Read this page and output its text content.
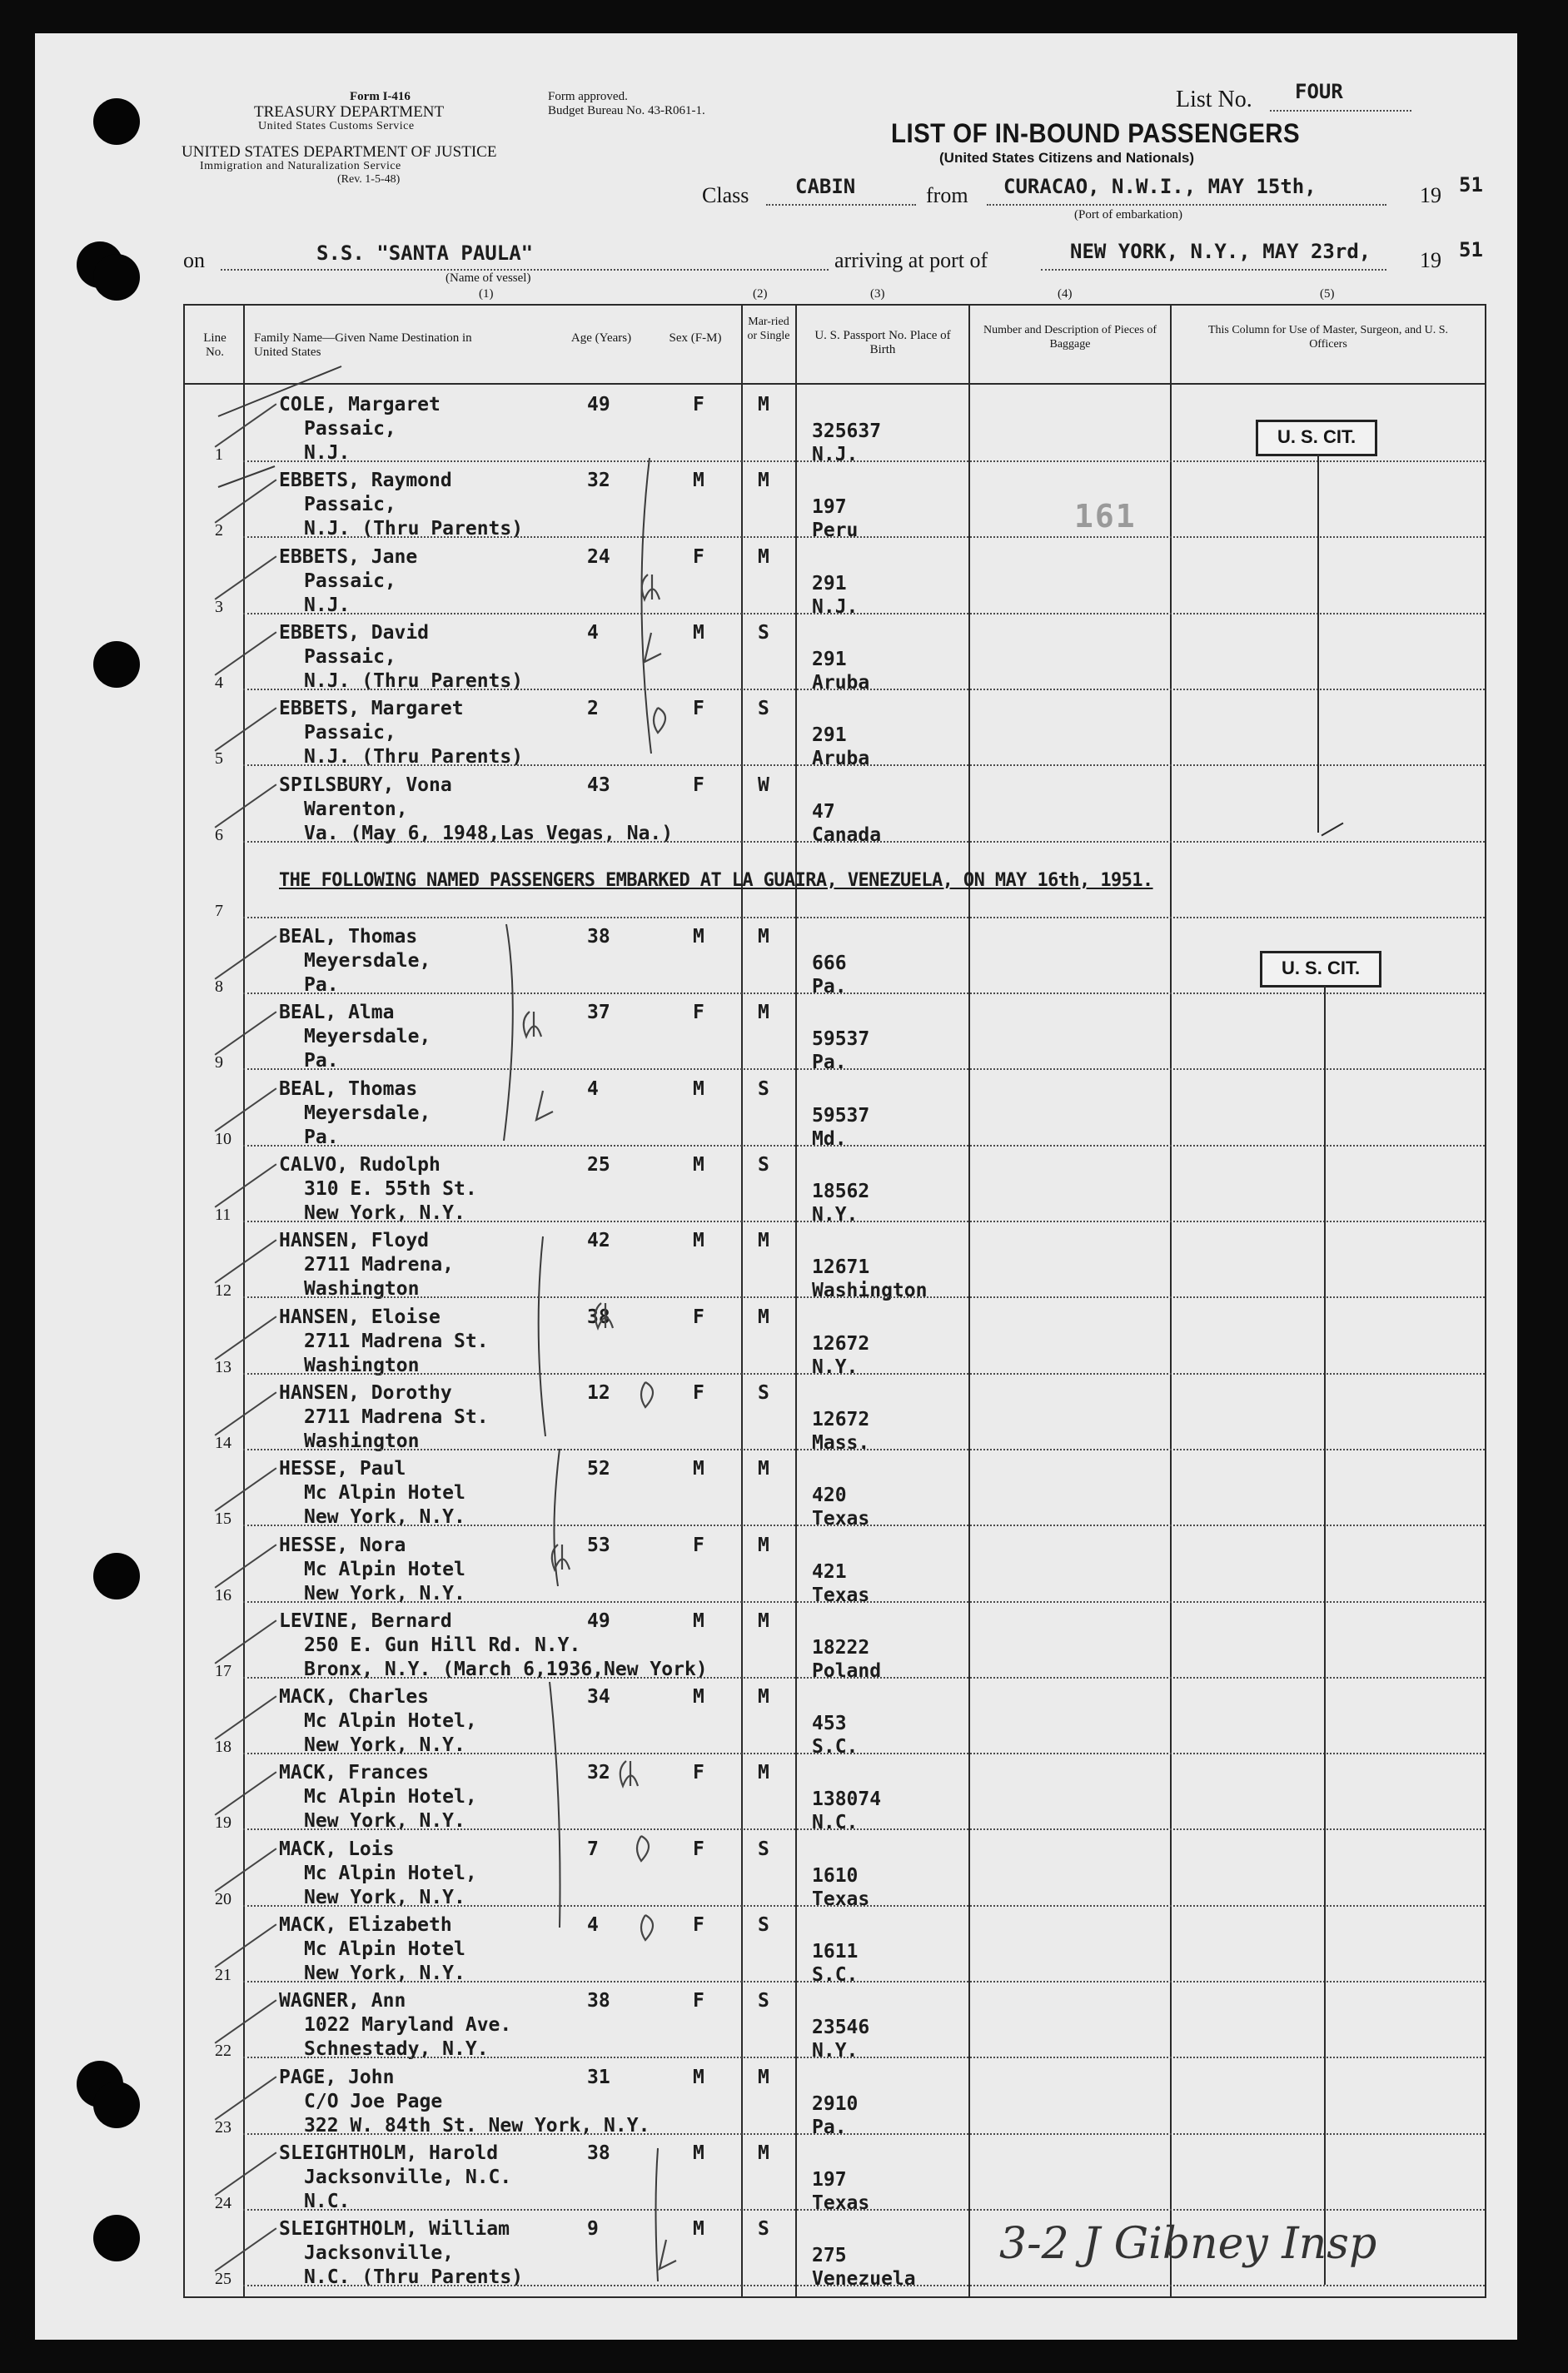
Form I-416
TREASURY DEPARTMENT
United States Customs Service
UNITED STATES DEPARTMENT OF JUSTICE
Immigration and Naturalization Service
(Rev. 1-5-48)
Form approved.
Budget Bureau No. 43-R061-1.	List No. FOUR
LIST OF IN-BOUND PASSENGERS
(United States Citizens and Nationals)
Class CABIN	from CURACAO, N.W.I., MAY 15th,	19 51
(Port of embarkation)
on	S.S. "SANTA PAULA"
(Name of vessel)
arriving at port of	NEW YORK, N.Y., MAY 23rd, 19 51
(1)	(2)	(3)	(4)	(5)
Line No.
Family Name—Given Name Destination in United States
Age (Years)	Sex (F-M)
Mar-ried or Single	U. S. Passport No. Place of Birth
Number and Description of Pieces of Baggage
This Column for Use of Master, Surgeon, and U. S. Officers
1
COLE, Margaret
Passaic,
N.J.
49	F	M
325637
N.J.
2
EBBETS, Raymond
Passaic,
N.J. (Thru Parents)
32	M	M
197
Peru
3
EBBETS, Jane
Passaic,
N.J.
24	F	M
291
N.J.
4
EBBETS, David
Passaic,
N.J. (Thru Parents)
4	M	S
291
Aruba
5
EBBETS, Margaret
Passaic,
N.J. (Thru Parents)
2	F	S
291
Aruba
6
SPILSBURY, Vona
Warenton,
Va. (May 6, 1948,Las Vegas, Na.)
43	F	W
47
Canada
7
8
BEAL, Thomas
Meyersdale,
Pa.
38	M	M
666
Pa.
9
BEAL, Alma
Meyersdale,
Pa.
37	F	M
59537
Pa.
10
BEAL, Thomas
Meyersdale,
Pa.
4	M	S
59537
Md.
11
CALVO, Rudolph
310 E. 55th St.
New York, N.Y.
25	M	S
18562
N.Y.
12
HANSEN, Floyd
2711 Madrena,
Washington
42	M	M
12671
Washington
13
HANSEN, Eloise
2711 Madrena St.
Washington
38	F	M
12672
N.Y.
14
HANSEN, Dorothy
2711 Madrena St.
Washington
12	F	S
12672
Mass.
15
HESSE, Paul
Mc Alpin Hotel
New York, N.Y.
52	M	M
420
Texas
16
HESSE, Nora
Mc Alpin Hotel
New York, N.Y.
53	F	M
421
Texas
17
LEVINE, Bernard
250 E. Gun Hill Rd. N.Y.
Bronx, N.Y. (March 6,1936,New York)
49	M	M
18222
Poland
18
MACK, Charles
Mc Alpin Hotel,
New York, N.Y.
34	M	M
453
S.C.
19
MACK, Frances
Mc Alpin Hotel,
New York, N.Y.
32	F	M
138074
N.C.
20
MACK, Lois
Mc Alpin Hotel,
New York, N.Y.
7	F	S
1610
Texas
21
MACK, Elizabeth
Mc Alpin Hotel
New York, N.Y.
4	F	S
1611
S.C.
22
WAGNER, Ann
1022 Maryland Ave.
Schnestady, N.Y.
38	F	S
23546
N.Y.
23
PAGE, John
C/O Joe Page
322 W. 84th St. New York, N.Y.
31	M	M
2910
Pa.
24
SLEIGHTHOLM, Harold
Jacksonville, N.C.
N.C.
38	M	M
197
Texas
25
SLEIGHTHOLM, William
Jacksonville,
N.C. (Thru Parents)
9	M	S
275
Venezuela
THE FOLLOWING NAMED PASSENGERS EMBARKED AT LA GUAIRA, VENEZUELA, ON MAY 16th, 1951.
U. S. CIT.
U. S. CIT.
161
3-2 J Gibney Insp
